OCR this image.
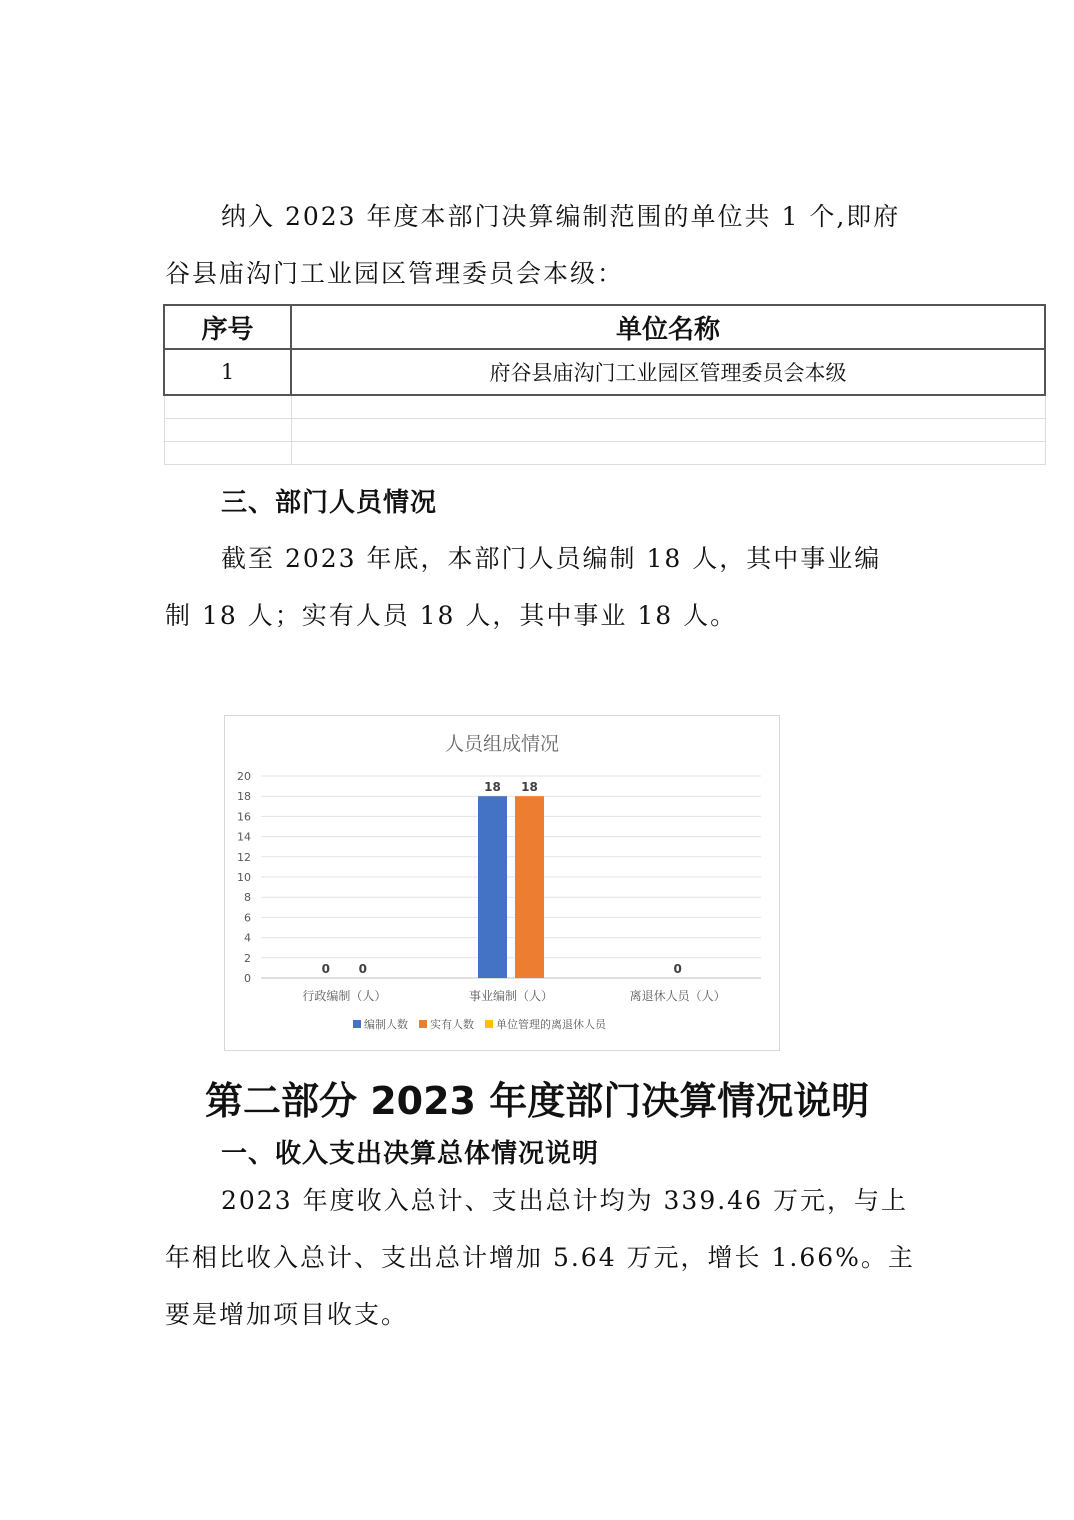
纳入 2023 年度本部门决算编制范围的单位共 1 个,即府
谷县庙沟门工业园区管理委员会本级：

序号	单位名称
1	府谷县庙沟门工业园区管理委员会本级

三、部门人员情况

截至 2023 年底，本部门人员编制 18 人，其中事业编
制 18 人；实有人员 18 人，其中事业 18 人。

人员组成情况
0
2
4
6
8
10
12
14
16
18
20
0 0
18 18
0
行政编制（人）	事业编制（人）	离退休人员（人）
编制人数 实有人数 单位管理的离退休人员
第二部分 2023 年度部门决算情况说明
一、收入支出决算总体情况说明

2023 年度收入总计、支出总计均为 339.46 万元，与上
年相比收入总计、支出总计增加 5.64 万元，增长 1.66%。主
要是增加项目收支。
